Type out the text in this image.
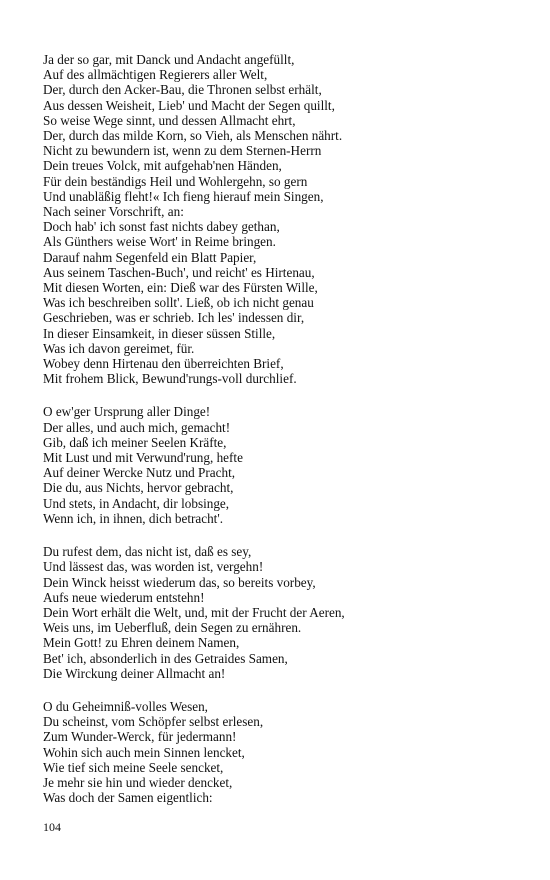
Ja der so gar, mit Danck und Andacht angefüllt,
Auf des allmächtigen Regierers aller Welt,
Der, durch den Acker-Bau, die Thronen selbst erhält,
Aus dessen Weisheit, Lieb' und Macht der Segen quillt,
So weise Wege sinnt, und dessen Allmacht ehrt,
Der, durch das milde Korn, so Vieh, als Menschen nährt.
Nicht zu bewundern ist, wenn zu dem Sternen-Herrn
Dein treues Volck, mit aufgehab'nen Händen,
Für dein beständigs Heil und Wohlergehn, so gern
Und unabläßig fleht!« Ich fieng hierauf mein Singen,
Nach seiner Vorschrift, an:
Doch hab' ich sonst fast nichts dabey gethan,
Als Günthers weise Wort' in Reime bringen.
Darauf nahm Segenfeld ein Blatt Papier,
Aus seinem Taschen-Buch', und reicht' es Hirtenau,
Mit diesen Worten, ein: Dieß war des Fürsten Wille,
Was ich beschreiben sollt'. Ließ, ob ich nicht genau
Geschrieben, was er schrieb. Ich les' indessen dir,
In dieser Einsamkeit, in dieser süssen Stille,
Was ich davon gereimet, für.
Wobey denn Hirtenau den überreichten Brief,
Mit frohem Blick, Bewund'rungs-voll durchlief.
O ew'ger Ursprung aller Dinge!
Der alles, und auch mich, gemacht!
Gib, daß ich meiner Seelen Kräfte,
Mit Lust und mit Verwund'rung, hefte
Auf deiner Wercke Nutz und Pracht,
Die du, aus Nichts, hervor gebracht,
Und stets, in Andacht, dir lobsinge,
Wenn ich, in ihnen, dich betracht'.
Du rufest dem, das nicht ist, daß es sey,
Und lässest das, was worden ist, vergehn!
Dein Winck heisst wiederum das, so bereits vorbey,
Aufs neue wiederum entstehn!
Dein Wort erhält die Welt, und, mit der Frucht der Aeren,
Weis uns, im Ueberfluß, dein Segen zu ernähren.
Mein Gott! zu Ehren deinem Namen,
Bet' ich, absonderlich in des Getraides Samen,
Die Wirckung deiner Allmacht an!
O du Geheimniß-volles Wesen,
Du scheinst, vom Schöpfer selbst erlesen,
Zum Wunder-Werck, für jedermann!
Wohin sich auch mein Sinnen lencket,
Wie tief sich meine Seele sencket,
Je mehr sie hin und wieder dencket,
Was doch der Samen eigentlich:
104
